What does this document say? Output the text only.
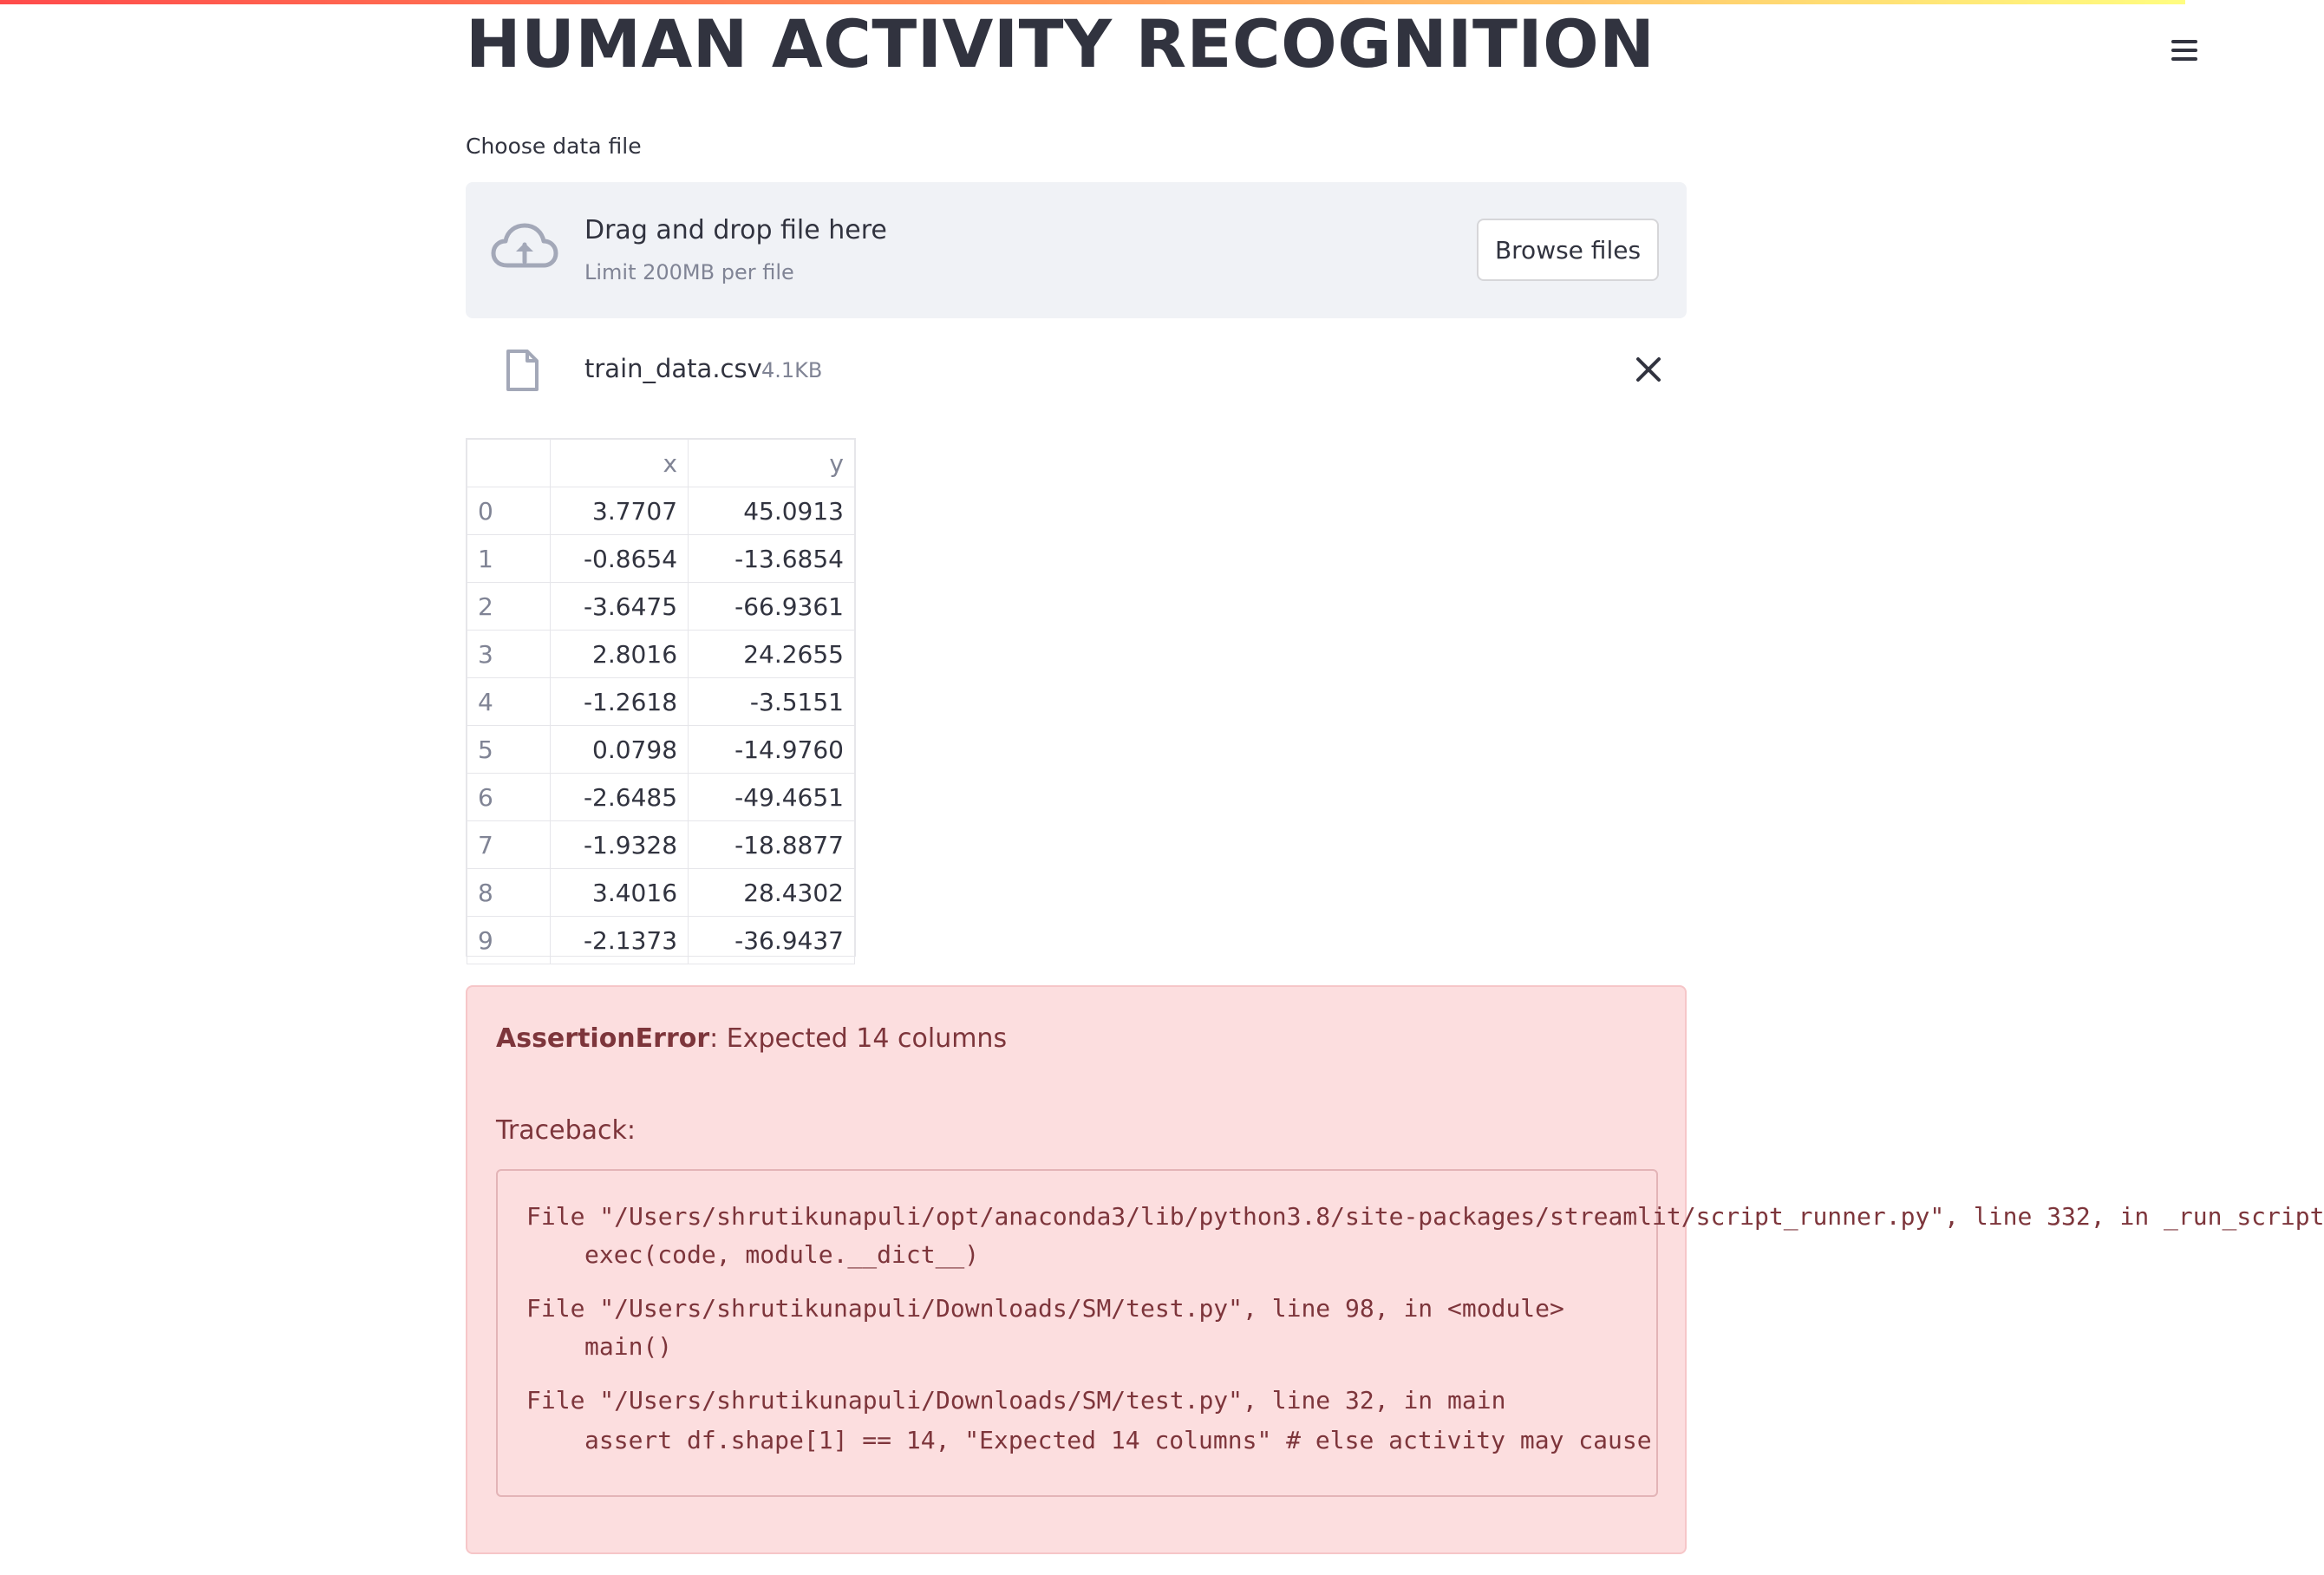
HUMAN ACTIVITY RECOGNITION
Choose data file
Drag and drop file here
Limit 200MB per file
Browse files
train_data.csv 4.1KB
	x	y
0	3.7707	45.0913
1	-0.8654	-13.6854
2	-3.6475	-66.9361
3	2.8016	24.2655
4	-1.2618	-3.5151
5	0.0798	-14.9760
6	-2.6485	-49.4651
7	-1.9328	-18.8877
8	3.4016	28.4302
9	-2.1373	-36.9437
AssertionError: Expected 14 columns
Traceback:
File "/Users/shrutikunapuli/opt/anaconda3/lib/python3.8/site-packages/streamlit/script_runner.py", line 332, in _run_script
exec(code, module.__dict__)
File "/Users/shrutikunapuli/Downloads/SM/test.py", line 98, in <module>
main()
File "/Users/shrutikunapuli/Downloads/SM/test.py", line 32, in main
assert df.shape[1] == 14, "Expected 14 columns" # else activity may cause
